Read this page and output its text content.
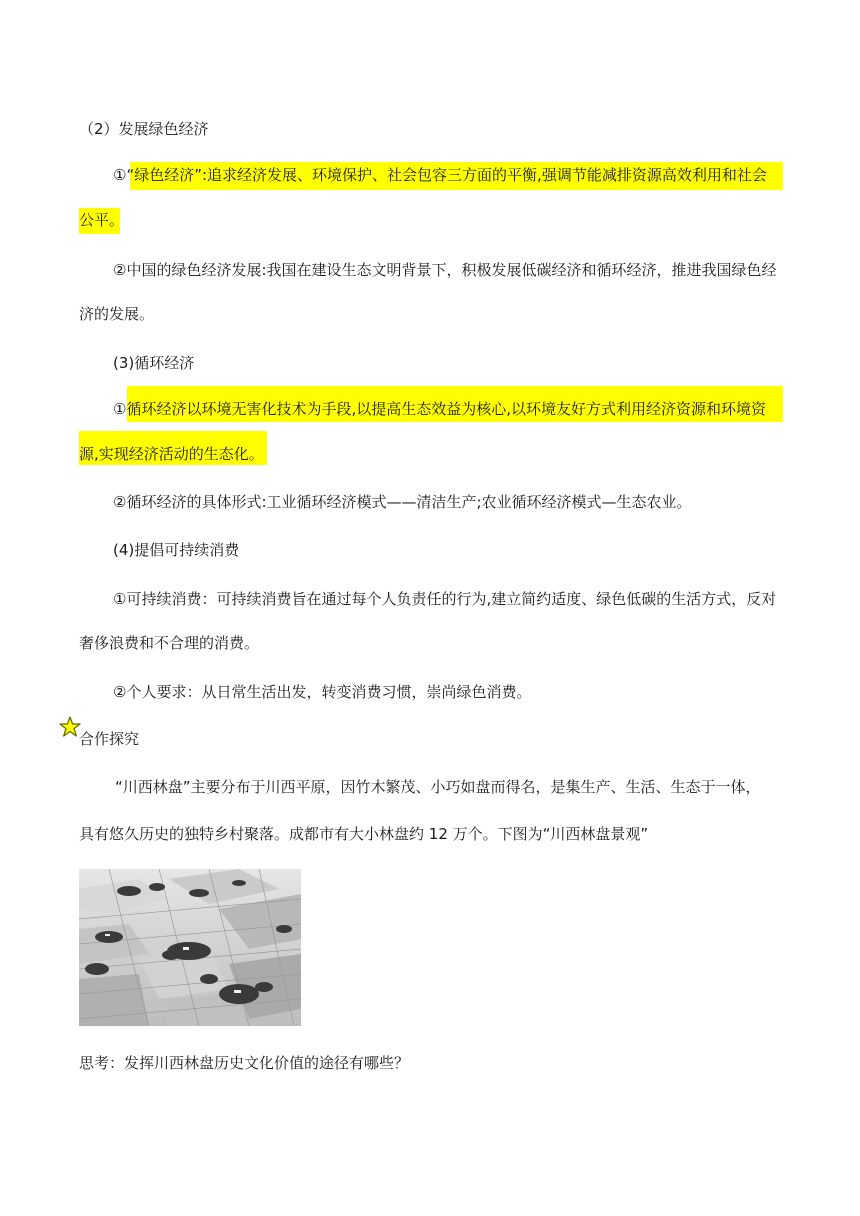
（2）发展绿色经济
①“绿色经济”:追求经济发展、环境保护、社会包容三方面的平衡,强调节能减排资源高效利用和社会
公平。
②中国的绿色经济发展:我国在建设生态文明背景下，积极发展低碳经济和循环经济，推进我国绿色经
济的发展。
(3)循环经济
①循环经济以环境无害化技术为手段,以提高生态效益为核心,以环境友好方式利用经济资源和环境资
源,实现经济活动的生态化。
②循环经济的具体形式:工业循环经济模式——清洁生产;农业循环经济模式—生态农业。
(4)提倡可持续消费
①可持续消费：可持续消费旨在通过每个人负责任的行为,建立简约适度、绿色低碳的生活方式，反对
奢侈浪费和不合理的消费。
②个人要求：从日常生活出发，转变消费习惯，崇尚绿色消费。
合作探究
“川西林盘”主要分布于川西平原，因竹木繁茂、小巧如盘而得名，是集生产、生活、生态于一体，
具有悠久历史的独特乡村聚落。成都市有大小林盘约 12 万个。下图为“川西林盘景观”
思考：发挥川西林盘历史文化价值的途径有哪些？
